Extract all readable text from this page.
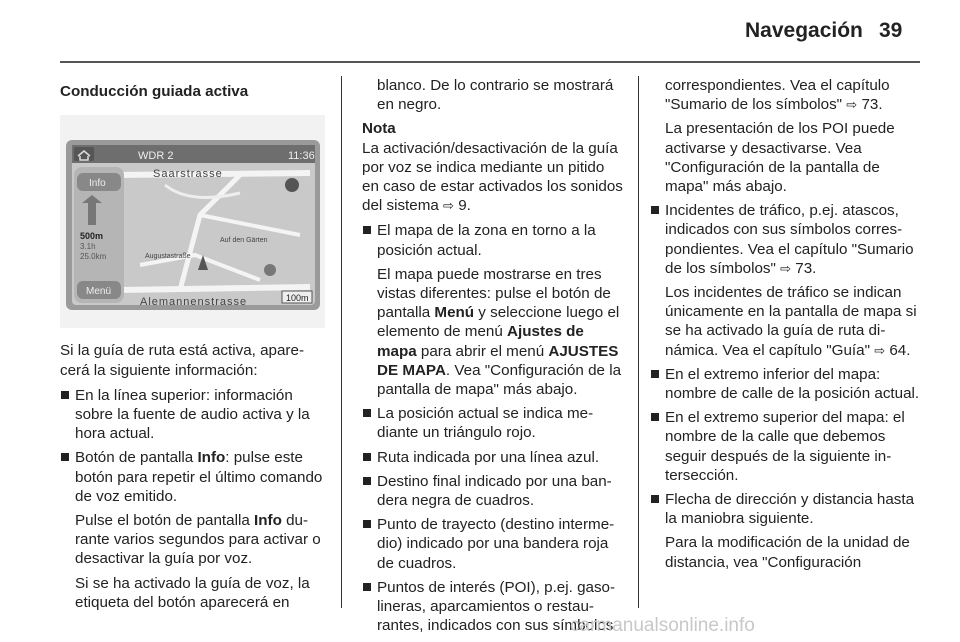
Navegación 39
Conducción guiada activa
WDR 2	11:36
Saarstrasse
Auf den Gärten
Augustastraße
Alemannenstrasse
Info
500m
3.1h
25.0km
Menü
100m

Si la guía de ruta está activa, aparecerá la siguiente información:

En la línea superior: información sobre la fuente de audio activa y la hora actual.
Botón de pantalla Info: pulse este botón para repetir el último comando de voz emitido.
Pulse el botón de pantalla Info durante varios segundos para activar o desactivar la guía por voz.
Si se ha activado la guía de voz, la etiqueta del botón aparecerá en
blanco. De lo contrario se mostrará en negro.

Nota

La activación/desactivación de la guía por voz se indica mediante un pitido en caso de estar activados los sonidos del sistema ⇨ 9.

El mapa de la zona en torno a la posición actual.
El mapa puede mostrarse en tres vistas diferentes: pulse el botón de pantalla Menú y seleccione luego el elemento de menú Ajustes de mapa para abrir el menú AJUSTES DE MAPA. Vea "Configuración de la pantalla de mapa" más abajo.
La posición actual se indica mediante un triángulo rojo.
Ruta indicada por una línea azul.
Destino final indicado por una bandera negra de cuadros.
Punto de trayecto (destino intermedio) indicado por una bandera roja de cuadros.
Puntos de interés (POI), p.ej. gasolineras, aparcamientos o restaurantes, indicados con sus símbolos
correspondientes. Vea el capítulo "Sumario de los símbolos" ⇨ 73.
La presentación de los POI puede activarse y desactivarse. Vea "Configuración de la pantalla de mapa" más abajo.
Incidentes de tráfico, p.ej. atascos, indicados con sus símbolos correspondientes. Vea el capítulo "Sumario de los símbolos" ⇨ 73.
Los incidentes de tráfico se indican únicamente en la pantalla de mapa si se ha activado la guía de ruta dinámica. Vea el capítulo "Guía" ⇨ 64.
En el extremo inferior del mapa: nombre de calle de la posición actual.
En el extremo superior del mapa: el nombre de la calle que debemos seguir después de la siguiente intersección.
Flecha de dirección y distancia hasta la maniobra siguiente.
Para la modificación de la unidad de distancia, vea "Configuración
carmanualsonline.info
